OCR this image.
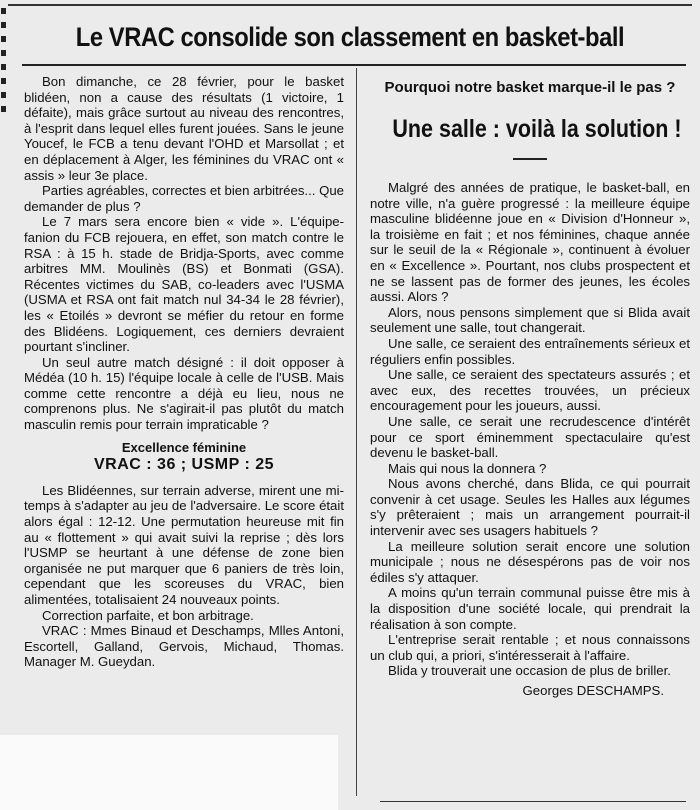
Le VRAC consolide son classement en basket-ball

Bon dimanche, ce 28 février, pour le basket blidéen, non a cause des résultats (1 victoire, 1 défaite), mais grâce surtout au niveau des rencontres, à l'esprit dans lequel elles furent jouées. Sans le jeune Youcef, le FCB a tenu devant l'OHD et Marsollat ; et en déplacement à Alger, les féminines du VRAC ont « assis » leur 3e place.

Parties agréables, correctes et bien arbitrées... Que demander de plus ?

Le 7 mars sera encore bien « vide ». L'équipe-fanion du FCB rejouera, en effet, son match contre le RSA : à 15 h. stade de Bridja-Sports, avec comme arbitres MM. Moulinès (BS) et Bonmati (GSA). Récentes victimes du SAB, co-leaders avec l'USMA (USMA et RSA ont fait match nul 34-34 le 28 février), les « Etoilés » devront se méfier du retour en forme des Blidéens. Logiquement, ces derniers devraient pourtant s'incliner.

Un seul autre match désigné : il doit opposer à Médéa (10 h. 15) l'équipe locale à celle de l'USB. Mais comme cette rencontre a déjà eu lieu, nous ne comprenons plus. Ne s'agirait-il pas plutôt du match masculin remis pour terrain impraticable ?

Excellence féminine
VRAC : 36 ; USMP : 25

Les Blidéennes, sur terrain adverse, mirent une mi-temps à s'adapter au jeu de l'adversaire. Le score était alors égal : 12-12. Une permutation heureuse mit fin au « flottement » qui avait suivi la reprise ; dès lors l'USMP se heurtant à une défense de zone bien organisée ne put marquer que 6 paniers de très loin, cependant que les scoreuses du VRAC, bien alimentées, totalisaient 24 nouveaux points.

Correction parfaite, et bon arbitrage.

VRAC : Mmes Binaud et Deschamps, Mlles Antoni, Escortell, Galland, Gervois, Michaud, Thomas. Manager M. Gueydan.

Pourquoi notre basket marque-il le pas ?
Une salle : voilà la solution !

Malgré des années de pratique, le basket-ball, en notre ville, n'a guère progressé : la meilleure équipe masculine blidéenne joue en « Division d'Honneur », la troisième en fait ; et nos féminines, chaque année sur le seuil de la « Régionale », continuent à évoluer en « Excellence ». Pourtant, nos clubs prospectent et ne se lassent pas de former des jeunes, les écoles aussi. Alors ?

Alors, nous pensons simplement que si Blida avait seulement une salle, tout changerait.

Une salle, ce seraient des entraînements sérieux et réguliers enfin possibles.

Une salle, ce seraient des spectateurs assurés ; et avec eux, des recettes trouvées, un précieux encouragement pour les joueurs, aussi.

Une salle, ce serait une recrudescence d'intérêt pour ce sport éminemment spectaculaire qu'est devenu le basket-ball.

Mais qui nous la donnera ?

Nous avons cherché, dans Blida, ce qui pourrait convenir à cet usage. Seules les Halles aux légumes s'y prêteraient ; mais un arrangement pourrait-il intervenir avec ses usagers habituels ?

La meilleure solution serait encore une solution municipale ; nous ne désespérons pas de voir nos édiles s'y attaquer.

A moins qu'un terrain communal puisse être mis à la disposition d'une société locale, qui prendrait la réalisation à son compte.

L'entreprise serait rentable ; et nous connaissons un club qui, a priori, s'intéresserait à l'affaire.

Blida y trouverait une occasion de plus de briller.

Georges DESCHAMPS.
